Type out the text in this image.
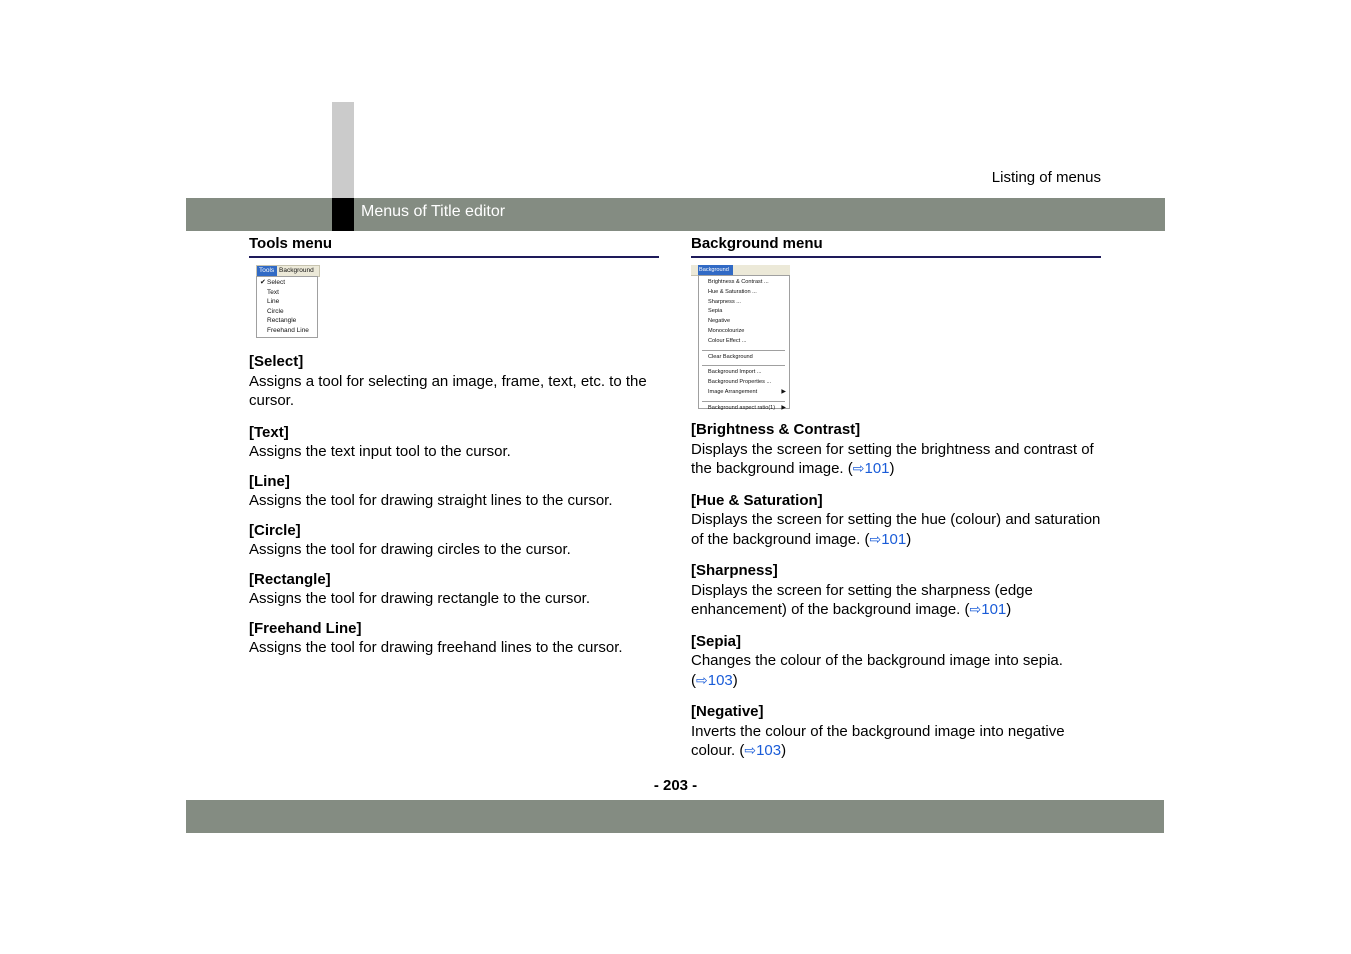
Listing of menus
Menus of Title editor
Tools menu
Tools Background
✔ Select
Text
Line
Circle
Rectangle
Freehand Line
[Select]
Assigns a tool for selecting an image, frame, text, etc. to the cursor.
[Text]
Assigns the text input tool to the cursor.
[Line]
Assigns the tool for drawing straight lines to the cursor.
[Circle]
Assigns the tool for drawing circles to the cursor.
[Rectangle]
Assigns the tool for drawing rectangle to the cursor.
[Freehand Line]
Assigns the tool for drawing freehand lines to the cursor.
Background menu
Background
Brightness & Contrast ...
Hue & Saturation ...
Sharpness ...
Sepia
Negative
Monocolourize
Colour Effect ...
Clear Background
Background Import ...
Background Properties ...
Image Arrangement	▶
Background aspect ratio(1) ▶
[Brightness & Contrast]
Displays the screen for setting the brightness and contrast of the background image. (⇨101)
[Hue & Saturation]
Displays the screen for setting the hue (colour) and saturation of the background image. (⇨101)
[Sharpness]
Displays the screen for setting the sharpness (edge enhancement) of the background image. (⇨101)
[Sepia]
Changes the colour of the background image into sepia. (⇨103)
[Negative]
Inverts the colour of the background image into negative colour. (⇨103)
- 203 -
